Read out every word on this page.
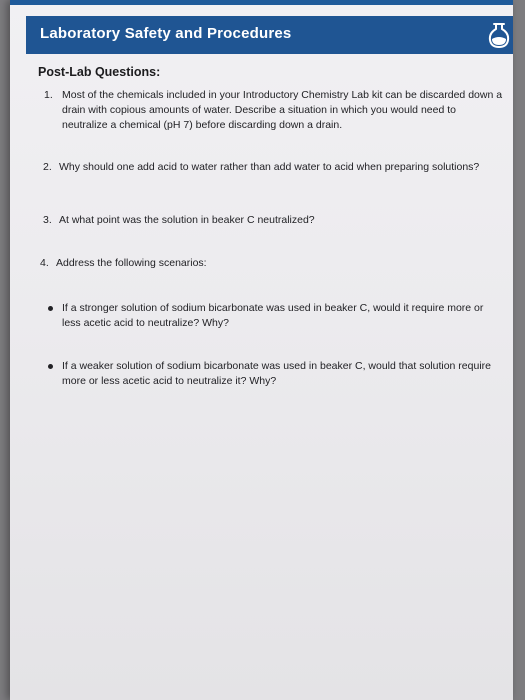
Laboratory Safety and Procedures
Post-Lab Questions:
1. Most of the chemicals included in your Introductory Chemistry Lab kit can be discarded down a drain with copious amounts of water. Describe a situation in which you would need to neutralize a chemical (pH 7) before discarding down a drain.
2. Why should one add acid to water rather than add water to acid when preparing solutions?
3. At what point was the solution in beaker C neutralized?
4. Address the following scenarios:
If a stronger solution of sodium bicarbonate was used in beaker C, would it require more or less acetic acid to neutralize? Why?
If a weaker solution of sodium bicarbonate was used in beaker C, would that solution require more or less acetic acid to neutralize it? Why?
